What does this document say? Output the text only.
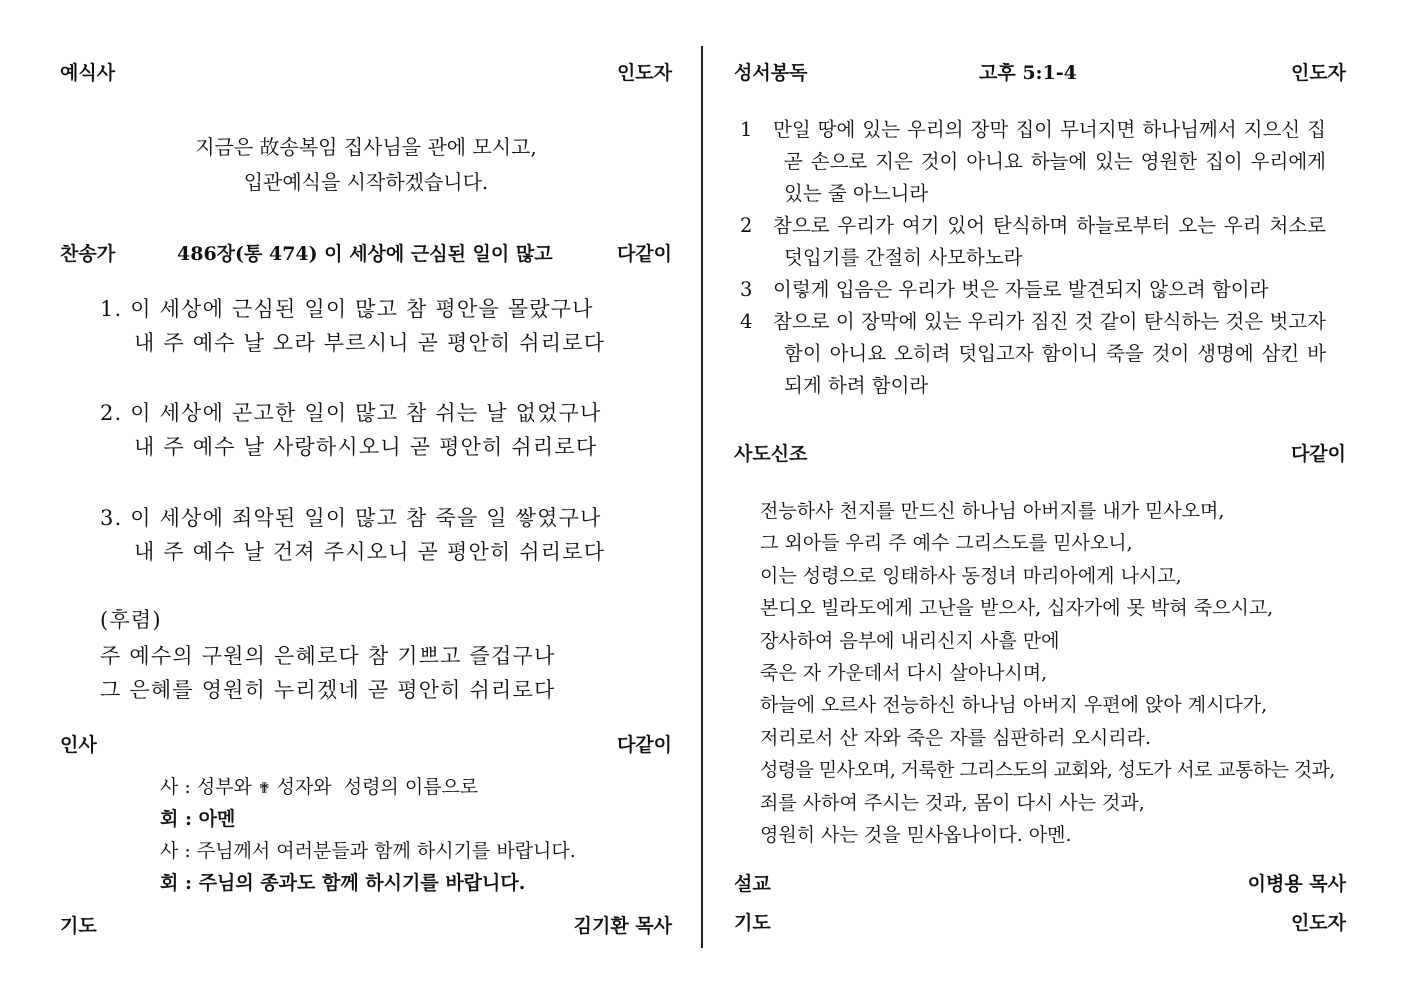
예식사	인도자
지금은 故송복임 집사님을 관에 모시고,
입관예식을 시작하겠습니다.
찬송가	486장(통 474) 이 세상에 근심된 일이 많고	다같이
1. 이 세상에 근심된 일이 많고 참 평안을 몰랐구나
내 주 예수 날 오라 부르시니 곧 평안히 쉬리로다
2. 이 세상에 곤고한 일이 많고 참 쉬는 날 없었구나
내 주 예수 날 사랑하시오니 곧 평안히 쉬리로다
3. 이 세상에 죄악된 일이 많고 참 죽을 일 쌓였구나
내 주 예수 날 건져 주시오니 곧 평안히 쉬리로다
(후렴)
주 예수의 구원의 은혜로다 참 기쁘고 즐겁구나
그 은혜를 영원히 누리겠네 곧 평안히 쉬리로다
인사	다같이
사 : 성부와 ✟ 성자와  성령의 이름으로
회 : 아멘
사 : 주님께서 여러분들과 함께 하시기를 바랍니다.
회 : 주님의 종과도 함께 하시기를 바랍니다.
기도	김기환 목사
성서봉독	고후 5:1-4	인도자
1 만일 땅에 있는 우리의 장막 집이 무너지면 하나님께서 지으신 집 곧 손으로 지은 것이 아니요 하늘에 있는 영원한 집이 우리에게 있는 줄 아느니라
2 참으로 우리가 여기 있어 탄식하며 하늘로부터 오는 우리 처소로 덧입기를 간절히 사모하노라
3 이렇게 입음은 우리가 벗은 자들로 발견되지 않으려 함이라
4 참으로 이 장막에 있는 우리가 짐진 것 같이 탄식하는 것은 벗고자 함이 아니요 오히려 덧입고자 함이니 죽을 것이 생명에 삼킨 바 되게 하려 함이라
사도신조	다같이
전능하사 천지를 만드신 하나님 아버지를 내가 믿사오며,
그 외아들 우리 주 예수 그리스도를 믿사오니,
이는 성령으로 잉태하사 동정녀 마리아에게 나시고,
본디오 빌라도에게 고난을 받으사, 십자가에 못 박혀 죽으시고,
장사하여 음부에 내리신지 사흘 만에
죽은 자 가운데서 다시 살아나시며,
하늘에 오르사 전능하신 하나님 아버지 우편에 앉아 계시다가,
저리로서 산 자와 죽은 자를 심판하러 오시리라.
성령을 믿사오며, 거룩한 그리스도의 교회와, 성도가 서로 교통하는 것과,
죄를 사하여 주시는 것과, 몸이 다시 사는 것과,
영원히 사는 것을 믿사옵나이다. 아멘.
설교	이병용 목사
기도	인도자
